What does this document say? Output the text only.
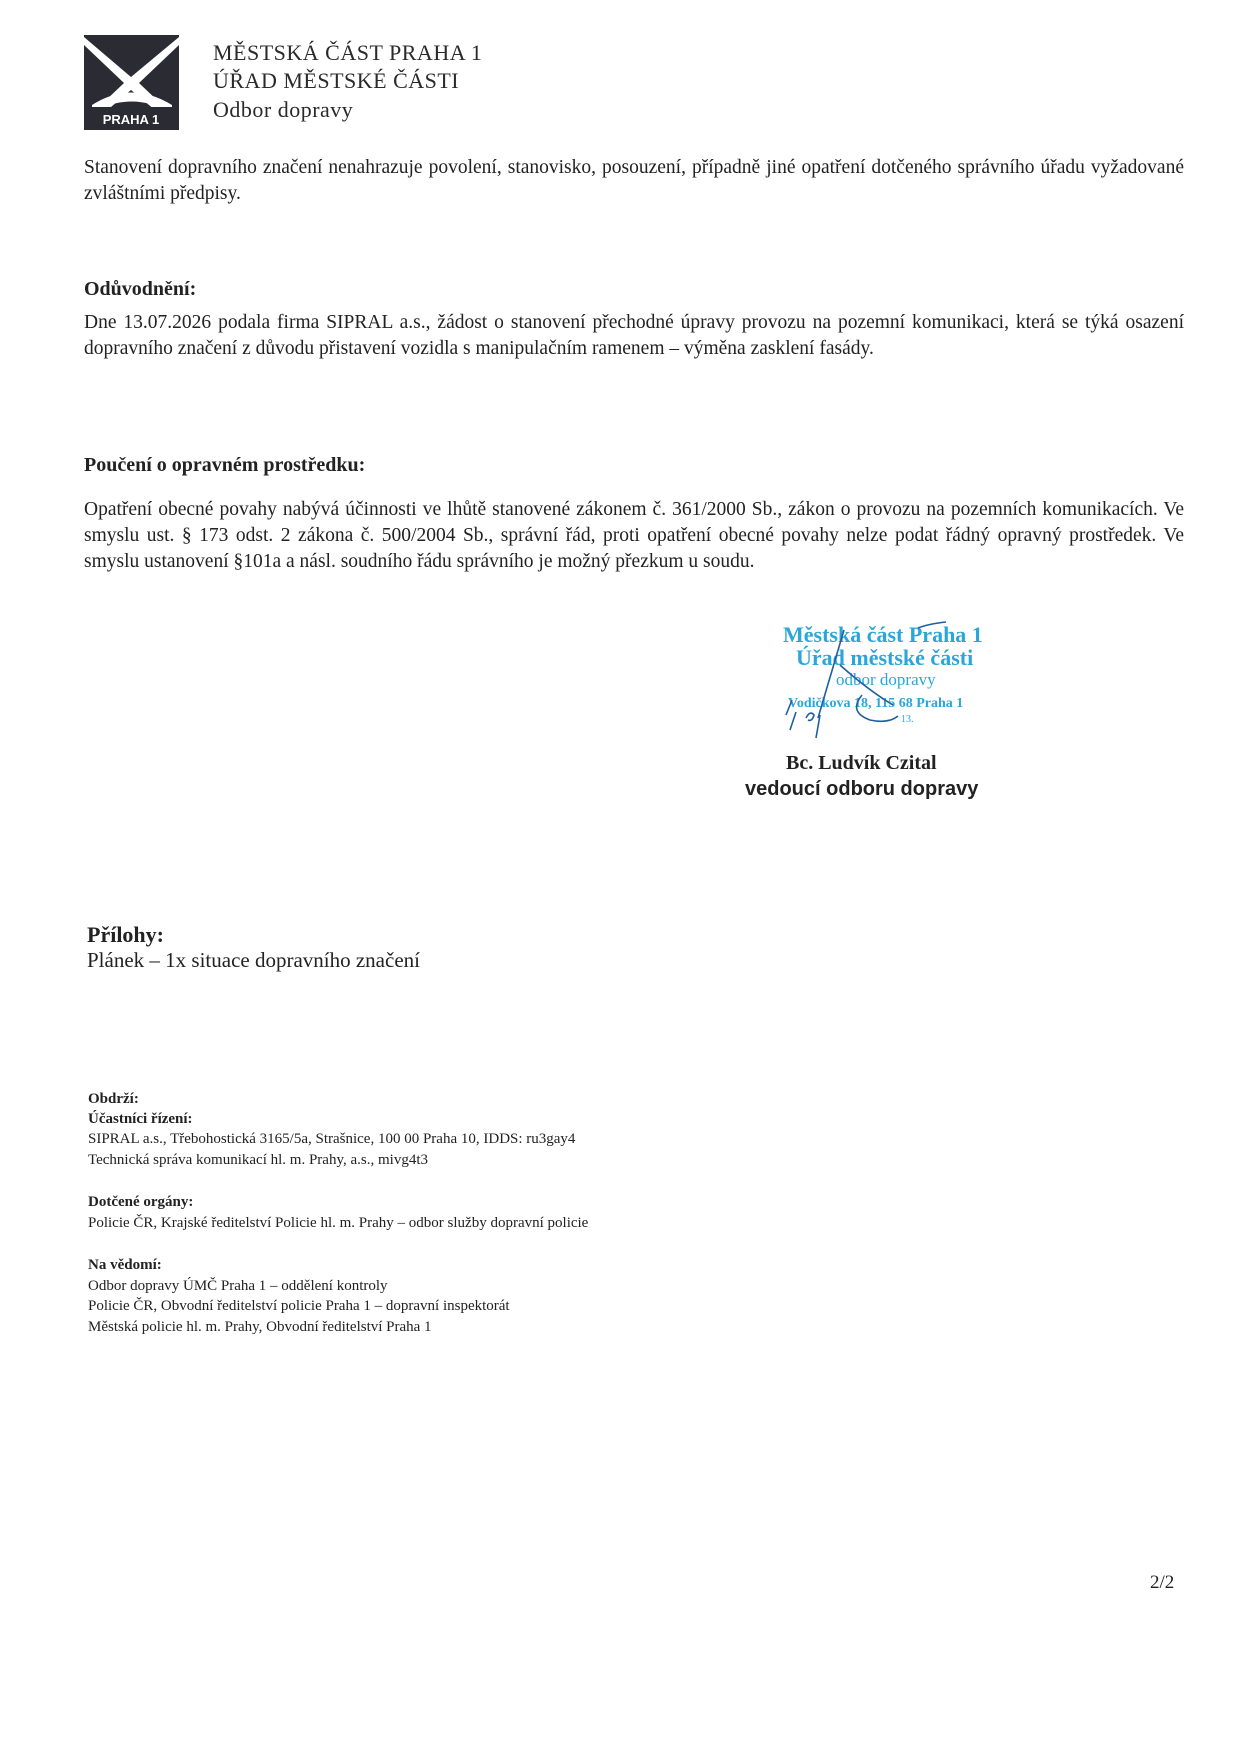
PRAHA 1
MĚSTSKÁ ČÁST PRAHA 1
ÚŘAD MĚSTSKÉ ČÁSTI
Odbor dopravy
Stanovení dopravního značení nenahrazuje povolení, stanovisko, posouzení, případně jiné opatření dotčeného správního úřadu vyžadované zvláštními předpisy.
Odůvodnění:
Dne 13.07.2026 podala firma SIPRAL a.s., žádost o stanovení přechodné úpravy provozu na pozemní komunikaci, která se týká osazení dopravního značení z důvodu přistavení vozidla s manipulačním ramenem – výměna zasklení fasády.
Poučení o opravném prostředku:
Opatření obecné povahy nabývá účinnosti ve lhůtě stanovené zákonem č. 361/2000 Sb., zákon o provozu na pozemních komunikacích. Ve smyslu ust. § 173 odst. 2 zákona č. 500/2004 Sb., správní řád, proti opatření obecné povahy nelze podat řádný opravný prostředek. Ve smyslu ustanovení §101a a násl. soudního řádu správního je možný přezkum u soudu.
Městská část Praha 1
Úřad městské části
odbor dopravy
Vodičkova 18, 115 68 Praha 1
13.
Bc. Ludvík Czital
vedoucí odboru dopravy
Přílohy:
Plánek – 1x situace dopravního značení
Obdrží:
Účastníci řízení:
SIPRAL a.s., Třebohostická 3165/5a, Strašnice, 100 00 Praha 10, IDDS: ru3gay4
Technická správa komunikací hl. m. Prahy, a.s., mivg4t3
Dotčené orgány:
Policie ČR, Krajské ředitelství Policie hl. m. Prahy – odbor služby dopravní policie
Na vědomí:
Odbor dopravy ÚMČ Praha 1 – oddělení kontroly
Policie ČR, Obvodní ředitelství policie Praha 1 – dopravní inspektorát
Městská policie hl. m. Prahy, Obvodní ředitelství Praha 1
2/2
